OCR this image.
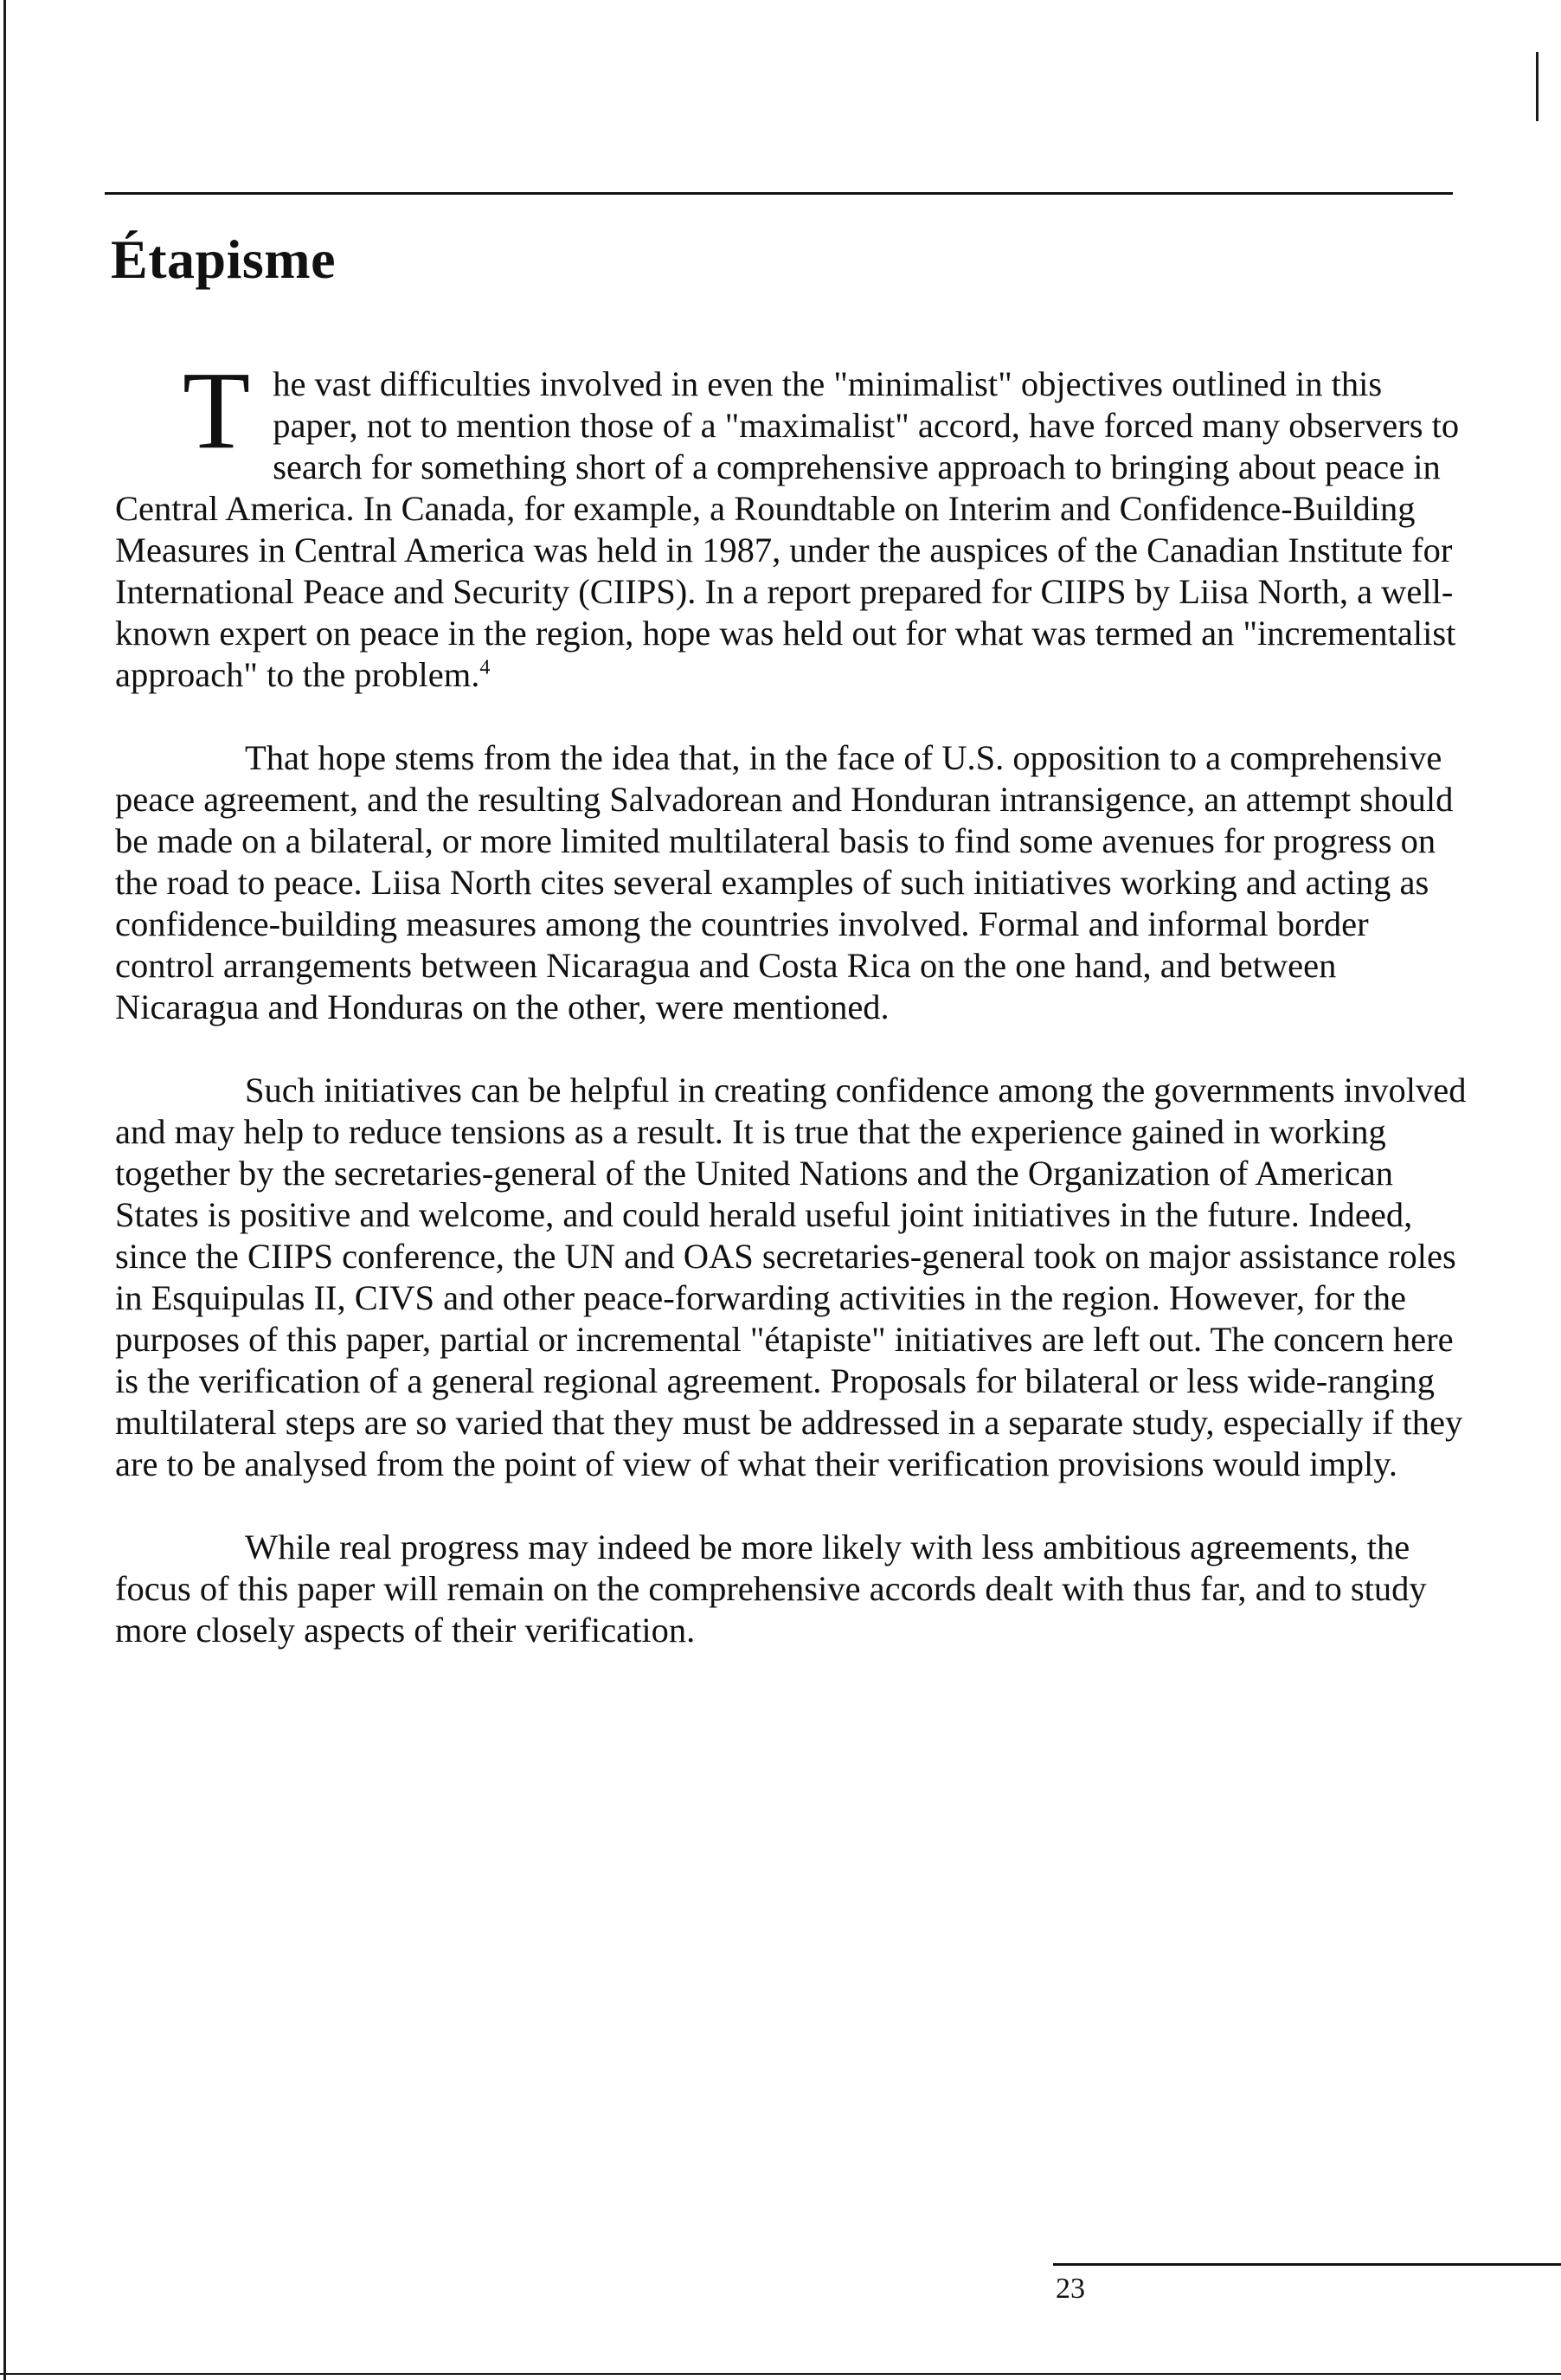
Étapisme

The vast difficulties involved in even the "minimalist" objectives outlined in this paper, not to mention those of a "maximalist" accord, have forced many observers to search for something short of a comprehensive approach to bringing about peace in Central America. In Canada, for example, a Roundtable on Interim and Confidence-Building Measures in Central America was held in 1987, under the auspices of the Canadian Institute for International Peace and Security (CIIPS). In a report prepared for CIIPS by Liisa North, a well-known expert on peace in the region, hope was held out for what was termed an "incrementalist approach" to the problem.$^4$

That hope stems from the idea that, in the face of U.S. opposition to a comprehensive peace agreement, and the resulting Salvadorean and Honduran intransigence, an attempt should be made on a bilateral, or more limited multilateral basis to find some avenues for progress on the road to peace. Liisa North cites several examples of such initiatives working and acting as confidence-building measures among the countries involved. Formal and informal border control arrangements between Nicaragua and Costa Rica on the one hand, and between Nicaragua and Honduras on the other, were mentioned.

Such initiatives can be helpful in creating confidence among the governments involved and may help to reduce tensions as a result. It is true that the experience gained in working together by the secretaries-general of the United Nations and the Organization of American States is positive and welcome, and could herald useful joint initiatives in the future. Indeed, since the CIIPS conference, the UN and OAS secretaries-general took on major assistance roles in Esquipulas II, CIVS and other peace-forwarding activities in the region. However, for the purposes of this paper, partial or incremental "étapiste" initiatives are left out. The concern here is the verification of a general regional agreement. Proposals for bilateral or less wide-ranging multilateral steps are so varied that they must be addressed in a separate study, especially if they are to be analysed from the point of view of what their verification provisions would imply.

While real progress may indeed be more likely with less ambitious agreements, the focus of this paper will remain on the comprehensive accords dealt with thus far, and to study more closely aspects of their verification.

23
